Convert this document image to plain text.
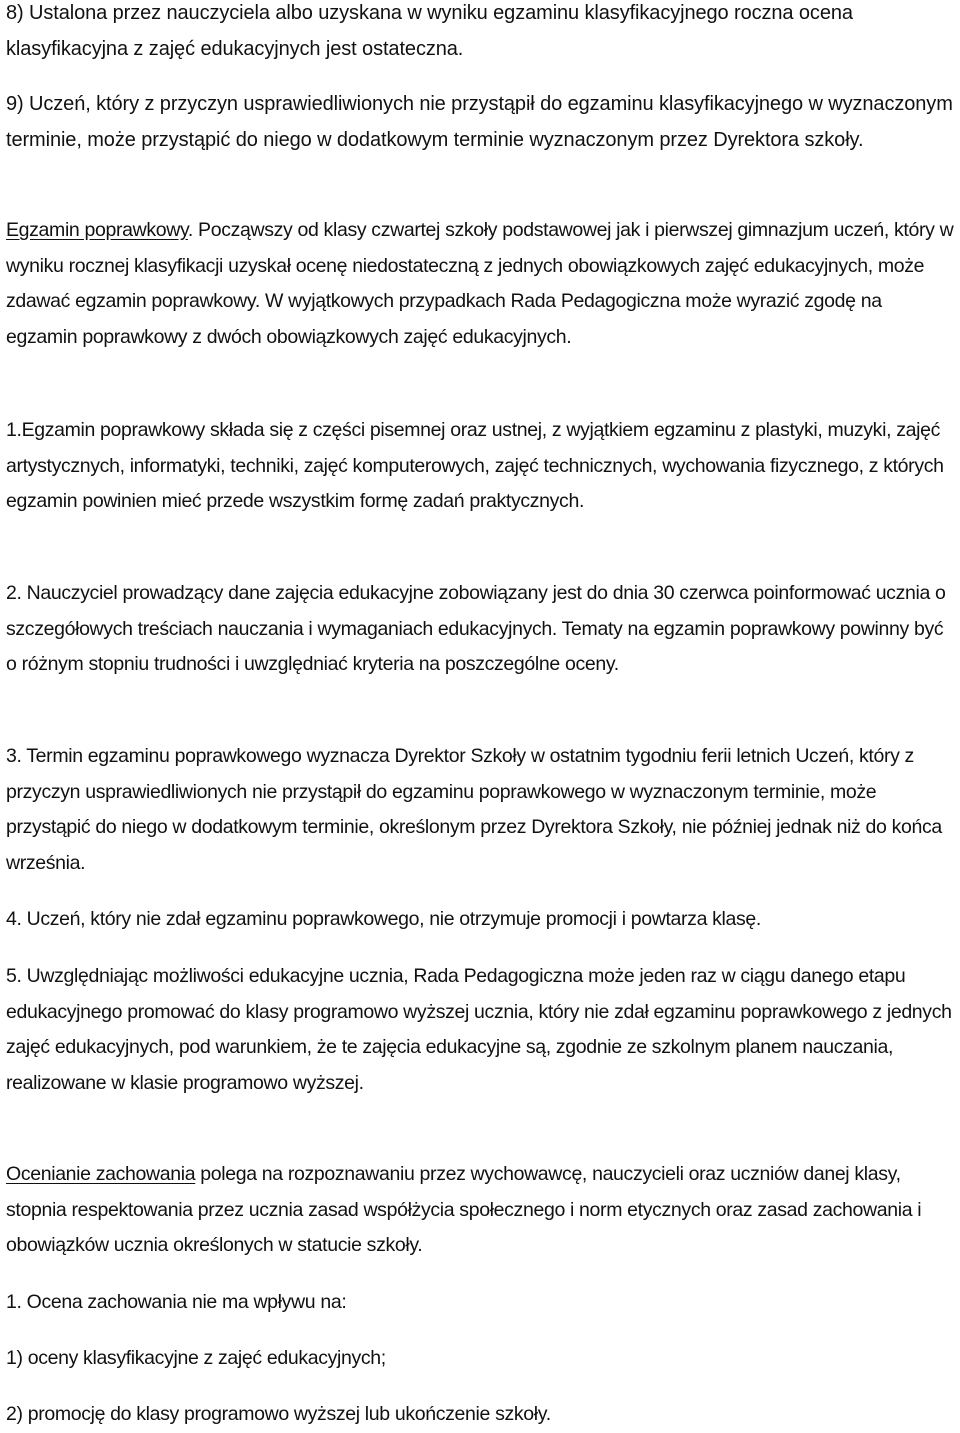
8) Ustalona przez nauczyciela albo uzyskana w wyniku egzaminu klasyfikacyjnego roczna ocena klasyfikacyjna z zajęć edukacyjnych jest ostateczna.

9) Uczeń, który z przyczyn usprawiedliwionych nie przystąpił do egzaminu klasyfikacyjnego w wyznaczonym terminie, może przystąpić do niego w dodatkowym terminie wyznaczonym przez Dyrektora szkoły.

Egzamin poprawkowy. Począwszy od klasy czwartej szkoły podstawowej jak i pierwszej gimnazjum uczeń, który w wyniku rocznej klasyfikacji uzyskał ocenę niedostateczną z jednych obowiązkowych zajęć edukacyjnych, może zdawać egzamin poprawkowy. W wyjątkowych przypadkach Rada Pedagogiczna może wyrazić zgodę na egzamin poprawkowy z dwóch obowiązkowych zajęć edukacyjnych.

1.Egzamin poprawkowy składa się z części pisemnej oraz ustnej, z wyjątkiem egzaminu z plastyki, muzyki, zajęć artystycznych, informatyki, techniki, zajęć komputerowych, zajęć technicznych, wychowania fizycznego, z których egzamin powinien mieć przede wszystkim formę zadań praktycznych.

2. Nauczyciel prowadzący dane zajęcia edukacyjne zobowiązany jest do dnia 30 czerwca poinformować ucznia o szczegółowych treściach nauczania i wymaganiach edukacyjnych. Tematy na egzamin poprawkowy powinny być o różnym stopniu trudności i uwzględniać kryteria na poszczególne oceny.

3. Termin egzaminu poprawkowego wyznacza Dyrektor Szkoły w ostatnim tygodniu ferii letnich Uczeń, który z przyczyn usprawiedliwionych nie przystąpił do egzaminu poprawkowego w wyznaczonym terminie, może przystąpić do niego w dodatkowym terminie, określonym przez Dyrektora Szkoły, nie później jednak niż do końca września.

4. Uczeń, który nie zdał egzaminu poprawkowego, nie otrzymuje promocji i powtarza klasę.

5. Uwzględniając możliwości edukacyjne ucznia, Rada Pedagogiczna może jeden raz w ciągu danego etapu edukacyjnego promować do klasy programowo wyższej ucznia, który nie zdał egzaminu poprawkowego z jednych zajęć edukacyjnych, pod warunkiem, że te zajęcia edukacyjne są, zgodnie ze szkolnym planem nauczania, realizowane w klasie programowo wyższej.

Ocenianie zachowania polega na rozpoznawaniu przez wychowawcę, nauczycieli oraz uczniów danej klasy, stopnia respektowania przez ucznia zasad współżycia społecznego i norm etycznych oraz zasad zachowania i obowiązków ucznia określonych w statucie szkoły.

1. Ocena zachowania nie ma wpływu na:

1) oceny klasyfikacyjne z zajęć edukacyjnych;

2) promocję do klasy programowo wyższej lub ukończenie szkoły.
